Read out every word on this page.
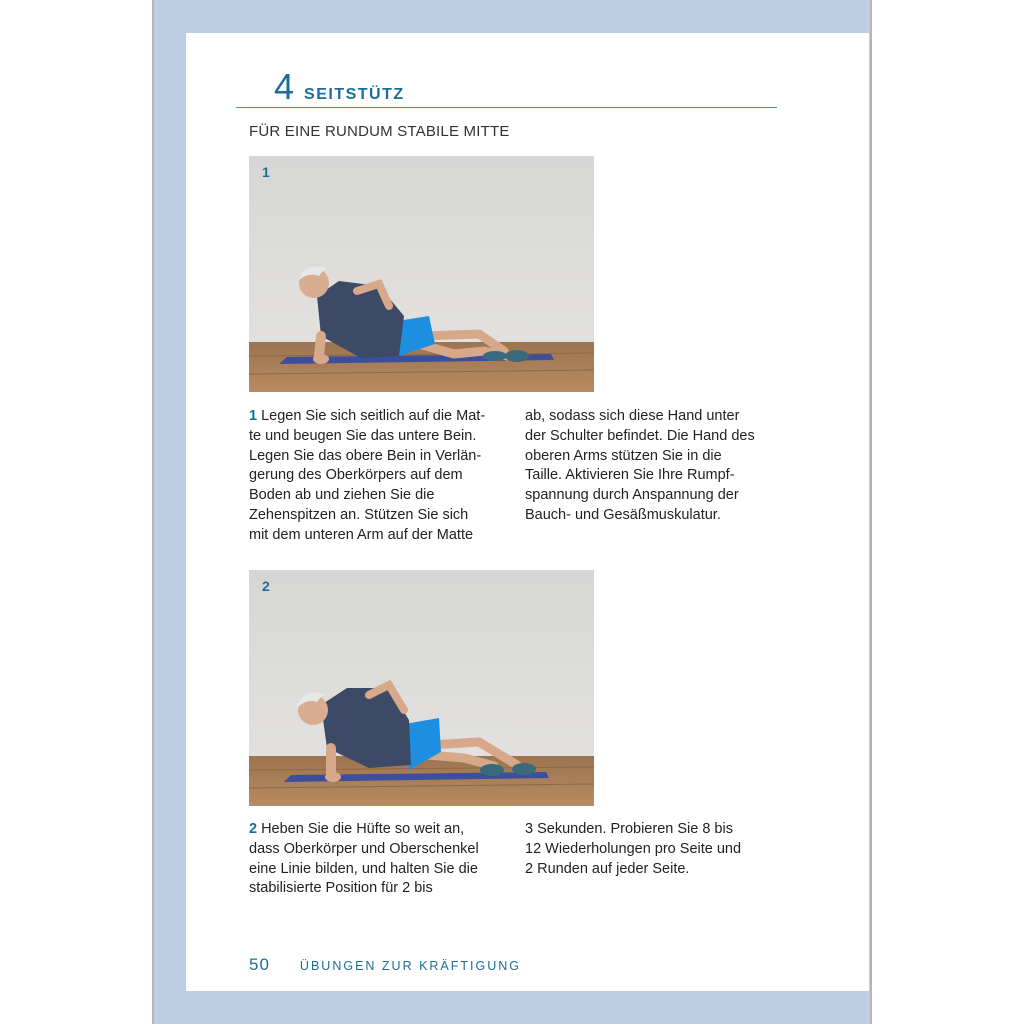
4 SEITSTÜTZ
FÜR EINE RUNDUM STABILE MITTE
1
1 Legen Sie sich seitlich auf die Mat-
te und beugen Sie das untere Bein.
Legen Sie das obere Bein in Verlän-
gerung des Oberkörpers auf dem
Boden ab und ziehen Sie die
Zehenspitzen an. Stützen Sie sich
mit dem unteren Arm auf der Matte
ab, sodass sich diese Hand unter
der Schulter befindet. Die Hand des
oberen Arms stützen Sie in die
Taille. Aktivieren Sie Ihre Rumpf-
spannung durch Anspannung der
Bauch- und Gesäßmuskulatur.
2
2 Heben Sie die Hüfte so weit an,
dass Oberkörper und Oberschenkel
eine Linie bilden, und halten Sie die
stabilisierte Position für 2 bis
3 Sekunden. Probieren Sie 8 bis
12 Wiederholungen pro Seite und
2 Runden auf jeder Seite.
50 ÜBUNGEN ZUR KRÄFTIGUNG
